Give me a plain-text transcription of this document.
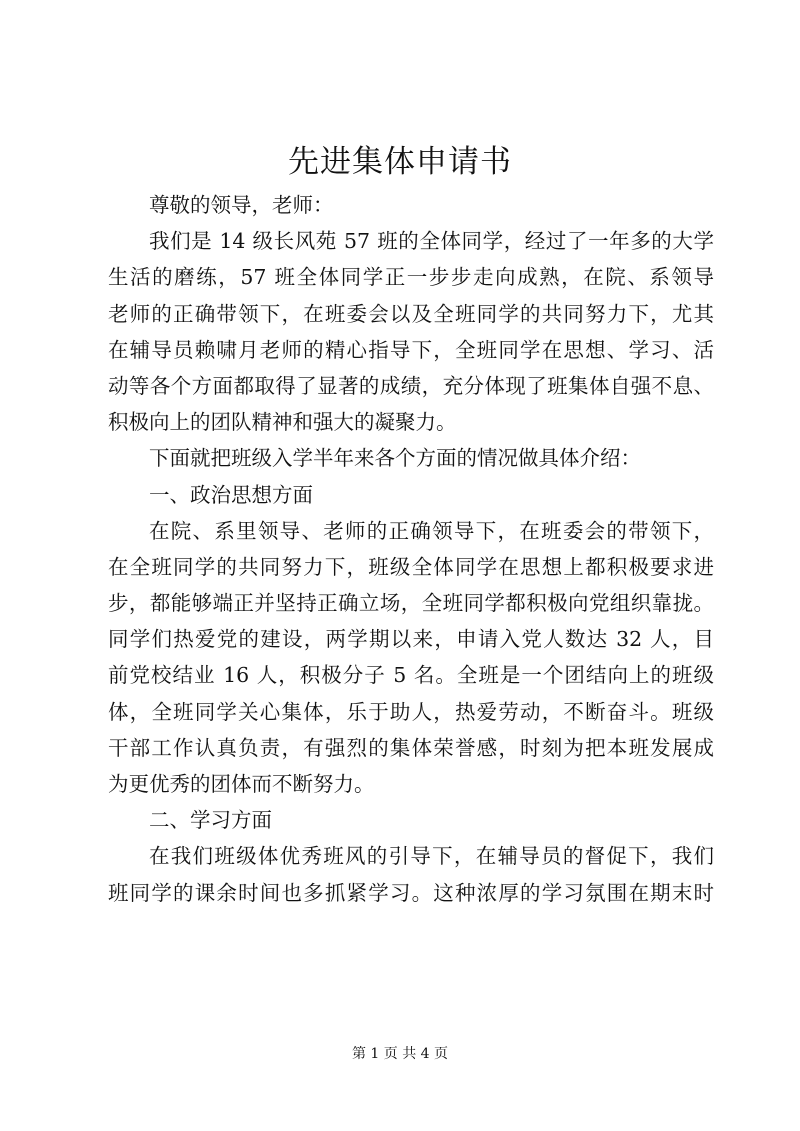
先进集体申请书
尊敬的领导，老师：
我们是 14 级长风苑 57 班的全体同学，经过了一年多的大学
生活的磨练，57 班全体同学正一步步走向成熟，在院、系领导
老师的正确带领下，在班委会以及全班同学的共同努力下，尤其
在辅导员赖啸月老师的精心指导下，全班同学在思想、学习、活
动等各个方面都取得了显著的成绩，充分体现了班集体自强不息、
积极向上的团队精神和强大的凝聚力。
下面就把班级入学半年来各个方面的情况做具体介绍：
一、政治思想方面
在院、系里领导、老师的正确领导下，在班委会的带领下，
在全班同学的共同努力下，班级全体同学在思想上都积极要求进
步，都能够端正并坚持正确立场，全班同学都积极向党组织靠拢。
同学们热爱党的建设，两学期以来，申请入党人数达 32 人，目
前党校结业 16 人，积极分子 5 名。全班是一个团结向上的班级
体，全班同学关心集体，乐于助人，热爱劳动，不断奋斗。班级
干部工作认真负责，有强烈的集体荣誉感，时刻为把本班发展成
为更优秀的团体而不断努力。
二、学习方面
在我们班级体优秀班风的引导下，在辅导员的督促下，我们
班同学的课余时间也多抓紧学习。这种浓厚的学习氛围在期末时
第 1 页 共 4 页
